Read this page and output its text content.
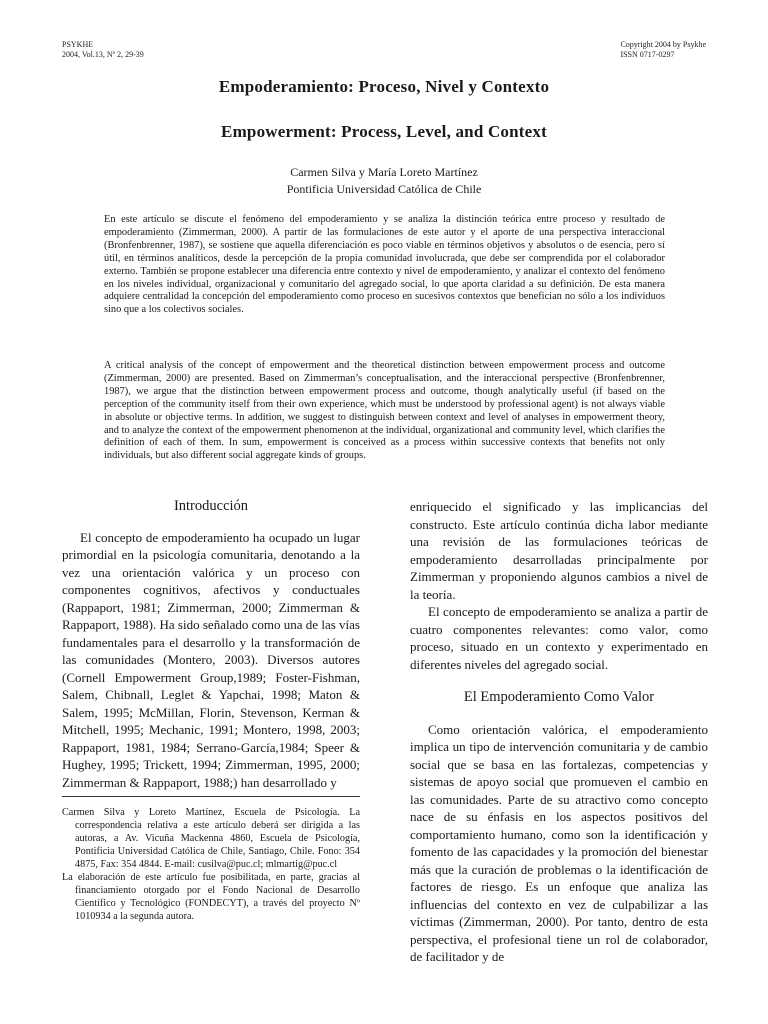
PSYKHE
2004, Vol.13, Nº 2, 29-39
Copyright 2004 by Psykhe
ISSN 0717-0297
Empoderamiento: Proceso, Nivel y Contexto
Empowerment: Process, Level, and Context
Carmen Silva y María Loreto Martínez
Pontificia Universidad Católica de Chile

En este artículo se discute el fenómeno del empoderamiento y se analiza la distinción teórica entre proceso y resultado de empoderamiento (Zimmerman, 2000). A partir de las formulaciones de este autor y el aporte de una perspectiva interaccional (Bronfenbrenner, 1987), se sostiene que aquella diferenciación es poco viable en términos objetivos y absolutos o de esencia, pero sí útil, en términos analíticos, desde la percepción de la propia comunidad involucrada, que debe ser comprendida por el colaborador externo. También se propone establecer una diferencia entre contexto y nivel de empoderamiento, y analizar el contexto del fenómeno en los niveles individual, organizacional y comunitario del agregado social, lo que aporta claridad a su definición. De esta manera adquiere centralidad la concepción del empoderamiento como proceso en sucesivos contextos que benefician no sólo a los individuos sino que a los colectivos sociales.

A critical analysis of the concept of empowerment and the theoretical distinction between empowerment process and outcome (Zimmerman, 2000) are presented. Based on Zimmerman’s conceptualisation, and the interaccional perspective (Bronfenbrenner, 1987), we argue that the distinction between empowerment process and outcome, though analytically useful (if based on the perception of the community itself from their own experience, which must be understood by professional agent) is not always viable in absolute or objective terms. In addition, we suggest to distinguish between context and level of analyses in empowerment theory, and to analyze the context of the empowerment phenomenon at the individual, organizational and community level, which clarifies the definition of each of them. In sum, empowerment is conceived as a process within successive contexts that benefits not only individuals, but also different social aggregate kinds of groups.

Introducción

El concepto de empoderamiento ha ocupado un lugar primordial en la psicología comunitaria, denotando a la vez una orientación valórica y un proceso con componentes cognitivos, afectivos y conductuales (Rappaport, 1981; Zimmerman, 2000; Zimmerman & Rappaport, 1988). Ha sido señalado como una de las vías fundamentales para el desarrollo y la transformación de las comunidades (Montero, 2003). Diversos autores (Cornell Empowerment Group,1989; Foster-Fishman, Salem, Chibnall, Leglet & Yapchai, 1998; Maton & Salem, 1995; McMillan, Florin, Stevenson, Kerman & Mitchell, 1995; Mechanic, 1991; Montero, 1998, 2003; Rappaport, 1981, 1984; Serrano-García,1984; Speer & Hughey, 1995; Trickett, 1994; Zimmerman, 1995, 2000; Zimmerman & Rappaport, 1988;) han desarrollado y

Carmen Silva y Loreto Martínez, Escuela de Psicología. La correspondencia relativa a este artículo deberá ser dirigida a las autoras, a Av. Vicuña Mackenna 4860, Escuela de Psicología, Pontificia Universidad Católica de Chile, Santiago, Chile. Fono: 354 4875, Fax: 354 4844. E-mail: cusilva@puc.cl; mlmartig@puc.cl

La elaboración de este artículo fue posibilitada, en parte, gracias al financiamiento otorgado por el Fondo Nacional de Desarrollo Científico y Tecnológico (FONDECYT), a través del proyecto Nº 1010934 a la segunda autora.

enriquecido el significado y las implicancias del constructo. Este artículo continúa dicha labor mediante una revisión de las formulaciones teóricas de empoderamiento desarrolladas principalmente por Zimmerman y proponiendo algunos cambios a nivel de la teoría.

El concepto de empoderamiento se analiza a partir de cuatro componentes relevantes: como valor, como proceso, situado en un contexto y experimentado en diferentes niveles del agregado social.

El Empoderamiento Como Valor

Como orientación valórica, el empoderamiento implica un tipo de intervención comunitaria y de cambio social que se basa en las fortalezas, competencias y sistemas de apoyo social que promueven el cambio en las comunidades. Parte de su atractivo como concepto nace de su énfasis en los aspectos positivos del comportamiento humano, como son la identificación y fomento de las capacidades y la promoción del bienestar más que la curación de problemas o la identificación de factores de riesgo. Es un enfoque que analiza las influencias del contexto en vez de culpabilizar a las víctimas (Zimmerman, 2000). Por tanto, dentro de esta perspectiva, el profesional tiene un rol de colaborador, de facilitador y de
